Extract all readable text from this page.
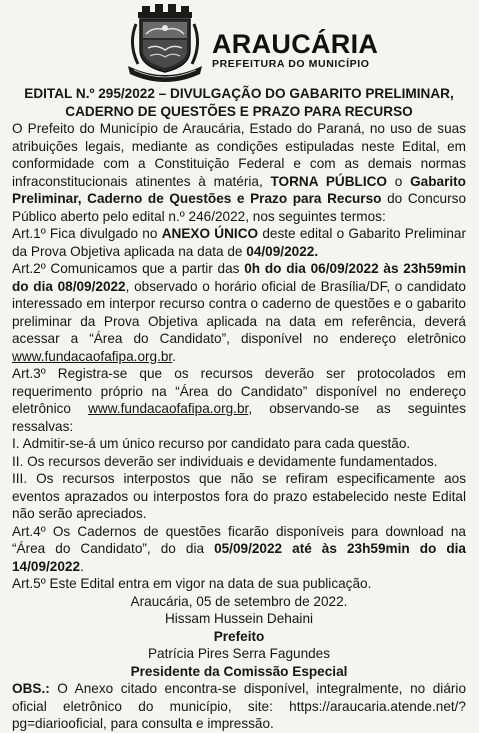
ARAUCÁRIA
PREFEITURA DO MUNICÍPIO
EDITAL N.º 295/2022 – DIVULGAÇÃO DO GABARITO PRELIMINAR,
CADERNO DE QUESTÕES E PRAZO PARA RECURSO

O Prefeito do Município de Araucária, Estado do Paraná, no uso de suas atribuições legais, mediante as condições estipuladas neste Edital, em conformidade com a Constituição Federal e com as demais normas infraconstitucionais atinentes à matéria, TORNA PÚBLICO o Gabarito Preliminar, Caderno de Questões e Prazo para Recurso do Concurso Público aberto pelo edital n.º 246/2022, nos seguintes termos:

Art.1º Fica divulgado no ANEXO ÚNICO deste edital o Gabarito Preliminar da Prova Objetiva aplicada na data de 04/09/2022.

Art.2º Comunicamos que a partir das 0h do dia 06/09/2022 às 23h59min do dia 08/09/2022, observado o horário oficial de Brasília/DF, o candidato interessado em interpor recurso contra o caderno de questões e o gabarito preliminar da Prova Objetiva aplicada na data em referência, deverá acessar a “Área do Candidato”, disponível no endereço eletrônico www.fundacaofafipa.org.br.

Art.3º Registra-se que os recursos deverão ser protocolados em requerimento próprio na “Área do Candidato” disponível no endereço eletrônico www.fundacaofafipa.org.br, observando-se as seguintes ressalvas:

I. Admitir-se-á um único recurso por candidato para cada questão.

II. Os recursos deverão ser individuais e devidamente fundamentados.

III. Os recursos interpostos que não se refiram especificamente aos eventos aprazados ou interpostos fora do prazo estabelecido neste Edital não serão apreciados.

Art.4º Os Cadernos de questões ficarão disponíveis para download na “Área do Candidato”, do dia 05/09/2022 até às 23h59min do dia 14/09/2022.

Art.5º Este Edital entra em vigor na data de sua publicação.

Araucária, 05 de setembro de 2022.

Hissam Hussein Dehaini

Prefeito

Patrícia Pires Serra Fagundes

Presidente da Comissão Especial

OBS.: O Anexo citado encontra-se disponível, integralmente, no diário oficial eletrônico do município, site: https://araucaria.atende.net/?pg=diariooficial, para consulta e impressão.
